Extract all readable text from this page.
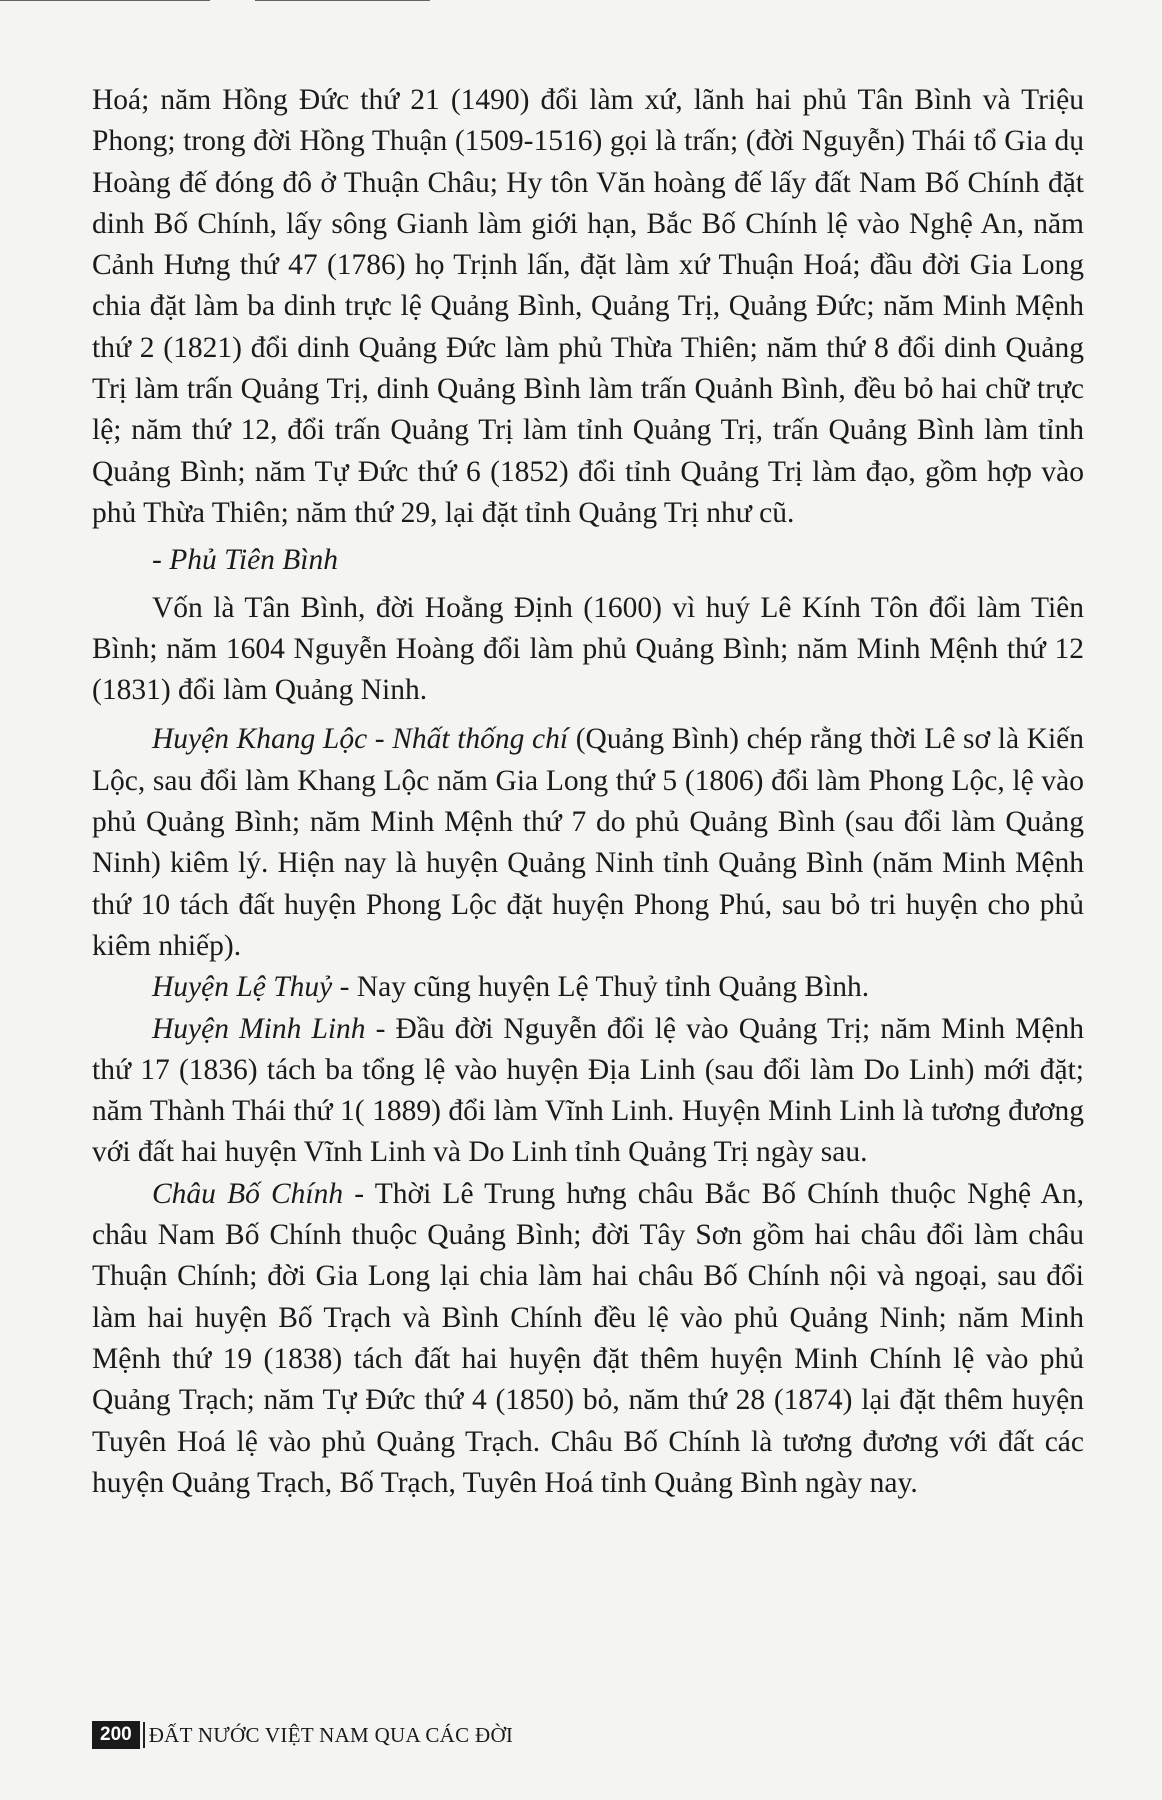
Hoá; năm Hồng Đức thứ 21 (1490) đổi làm xứ, lãnh hai phủ Tân Bình và Triệu Phong; trong đời Hồng Thuận (1509-1516) gọi là trấn; (đời Nguyễn) Thái tổ Gia dụ Hoàng đế đóng đô ở Thuận Châu; Hy tôn Văn hoàng đế lấy đất Nam Bố Chính đặt dinh Bố Chính, lấy sông Gianh làm giới hạn, Bắc Bố Chính lệ vào Nghệ An, năm Cảnh Hưng thứ 47 (1786) họ Trịnh lấn, đặt làm xứ Thuận Hoá; đầu đời Gia Long chia đặt làm ba dinh trực lệ Quảng Bình, Quảng Trị, Quảng Đức; năm Minh Mệnh thứ 2 (1821) đổi dinh Quảng Đức làm phủ Thừa Thiên; năm thứ 8 đổi dinh Quảng Trị làm trấn Quảng Trị, dinh Quảng Bình làm trấn Quảnh Bình, đều bỏ hai chữ trực lệ; năm thứ 12, đổi trấn Quảng Trị làm tỉnh Quảng Trị, trấn Quảng Bình làm tỉnh Quảng Bình; năm Tự Đức thứ 6 (1852) đổi tỉnh Quảng Trị làm đạo, gồm hợp vào phủ Thừa Thiên; năm thứ 29, lại đặt tỉnh Quảng Trị như cũ.

- Phủ Tiên Bình

Vốn là Tân Bình, đời Hoằng Định (1600) vì huý Lê Kính Tôn đổi làm Tiên Bình; năm 1604 Nguyễn Hoàng đổi làm phủ Quảng Bình; năm Minh Mệnh thứ 12 (1831) đổi làm Quảng Ninh.

Huyện Khang Lộc - Nhất thống chí (Quảng Bình) chép rằng thời Lê sơ là Kiến Lộc, sau đổi làm Khang Lộc năm Gia Long thứ 5 (1806) đổi làm Phong Lộc, lệ vào phủ Quảng Bình; năm Minh Mệnh thứ 7 do phủ Quảng Bình (sau đổi làm Quảng Ninh) kiêm lý. Hiện nay là huyện Quảng Ninh tỉnh Quảng Bình (năm Minh Mệnh thứ 10 tách đất huyện Phong Lộc đặt huyện Phong Phú, sau bỏ tri huyện cho phủ kiêm nhiếp).

Huyện Lệ Thuỷ - Nay cũng huyện Lệ Thuỷ tỉnh Quảng Bình.

Huyện Minh Linh - Đầu đời Nguyễn đổi lệ vào Quảng Trị; năm Minh Mệnh thứ 17 (1836) tách ba tổng lệ vào huyện Địa Linh (sau đổi làm Do Linh) mới đặt; năm Thành Thái thứ 1( 1889) đổi làm Vĩnh Linh. Huyện Minh Linh là tương đương với đất hai huyện Vĩnh Linh và Do Linh tỉnh Quảng Trị ngày sau.

Châu Bố Chính - Thời Lê Trung hưng châu Bắc Bố Chính thuộc Nghệ An, châu Nam Bố Chính thuộc Quảng Bình; đời Tây Sơn gồm hai châu đổi làm châu Thuận Chính; đời Gia Long lại chia làm hai châu Bố Chính nội và ngoại, sau đổi làm hai huyện Bố Trạch và Bình Chính đều lệ vào phủ Quảng Ninh; năm Minh Mệnh thứ 19 (1838) tách đất hai huyện đặt thêm huyện Minh Chính lệ vào phủ Quảng Trạch; năm Tự Đức thứ 4 (1850) bỏ, năm thứ 28 (1874) lại đặt thêm huyện Tuyên Hoá lệ vào phủ Quảng Trạch. Châu Bố Chính là tương đương với đất các huyện Quảng Trạch, Bố Trạch, Tuyên Hoá tỉnh Quảng Bình ngày nay.

200 ĐẤT NƯỚC VIỆT NAM QUA CÁC ĐỜI
